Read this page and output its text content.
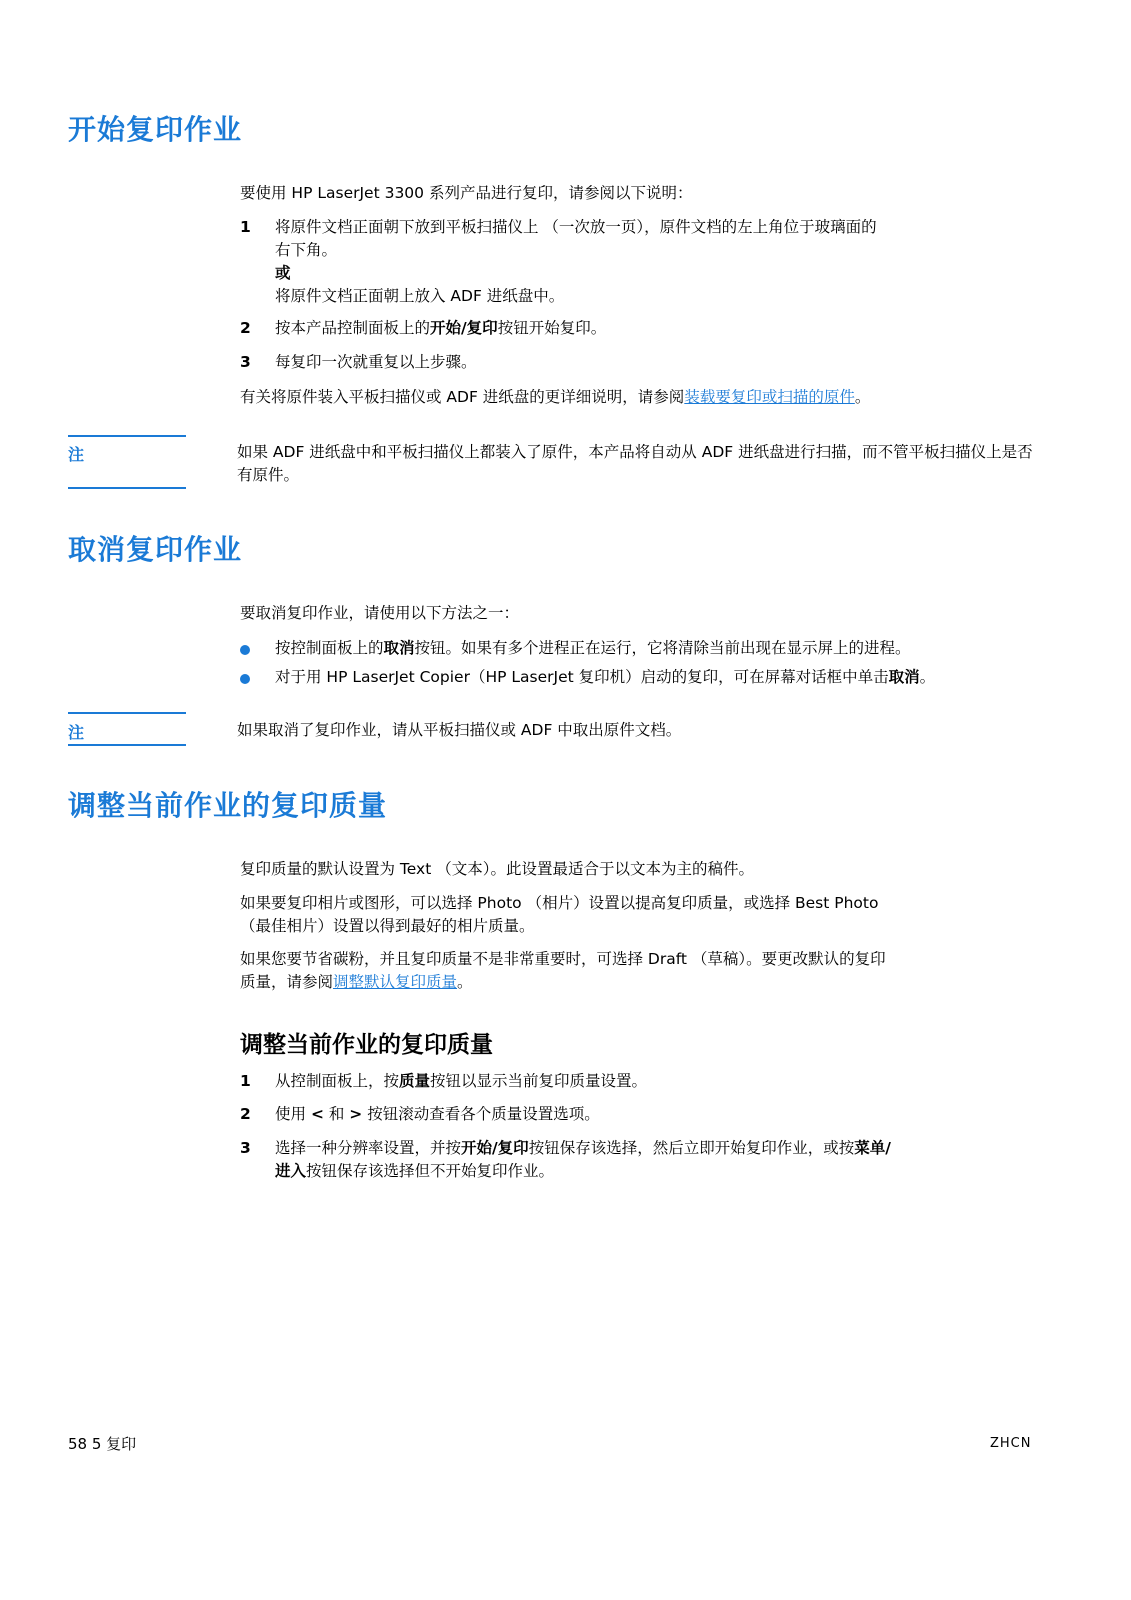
开始复印作业

要使用 HP LaserJet 3300 系列产品进行复印，请参阅以下说明：

1 将原件文档正面朝下放到平板扫描仪上 （一次放一页），原件文档的左上角位于玻璃面的
右下角。
或
将原件文档正面朝上放入 ADF 进纸盘中。

2 按本产品控制面板上的开始/复印按钮开始复印。

3 每复印一次就重复以上步骤。

有关将原件装入平板扫描仪或 ADF 进纸盘的更详细说明，请参阅装载要复印或扫描的原件。

注	如果 ADF 进纸盘中和平板扫描仪上都装入了原件，本产品将自动从 ADF 进纸盘进行扫描，而不管平板扫描仪上是否有原件。

取消复印作业

要取消复印作业，请使用以下方法之一：

按控制面板上的取消按钮。如果有多个进程正在运行，它将清除当前出现在显示屏上的进程。

对于用 HP LaserJet Copier（HP LaserJet 复印机）启动的复印，可在屏幕对话框中单击取消。

注	如果取消了复印作业，请从平板扫描仪或 ADF 中取出原件文档。

调整当前作业的复印质量

复印质量的默认设置为 Text （文本）。此设置最适合于以文本为主的稿件。

如果要复印相片或图形，可以选择 Photo （相片）设置以提高复印质量，或选择 Best Photo
（最佳相片）设置以得到最好的相片质量。

如果您要节省碳粉，并且复印质量不是非常重要时，可选择 Draft （草稿）。要更改默认的复印
质量，请参阅调整默认复印质量。

调整当前作业的复印质量
1 从控制面板上，按质量按钮以显示当前复印质量设置。

2 使用 < 和 > 按钮滚动查看各个质量设置选项。

3 选择一种分辨率设置，并按开始/复印按钮保存该选择，然后立即开始复印作业，或按菜单/
进入按钮保存该选择但不开始复印作业。

58 5 复印	ZHCN
